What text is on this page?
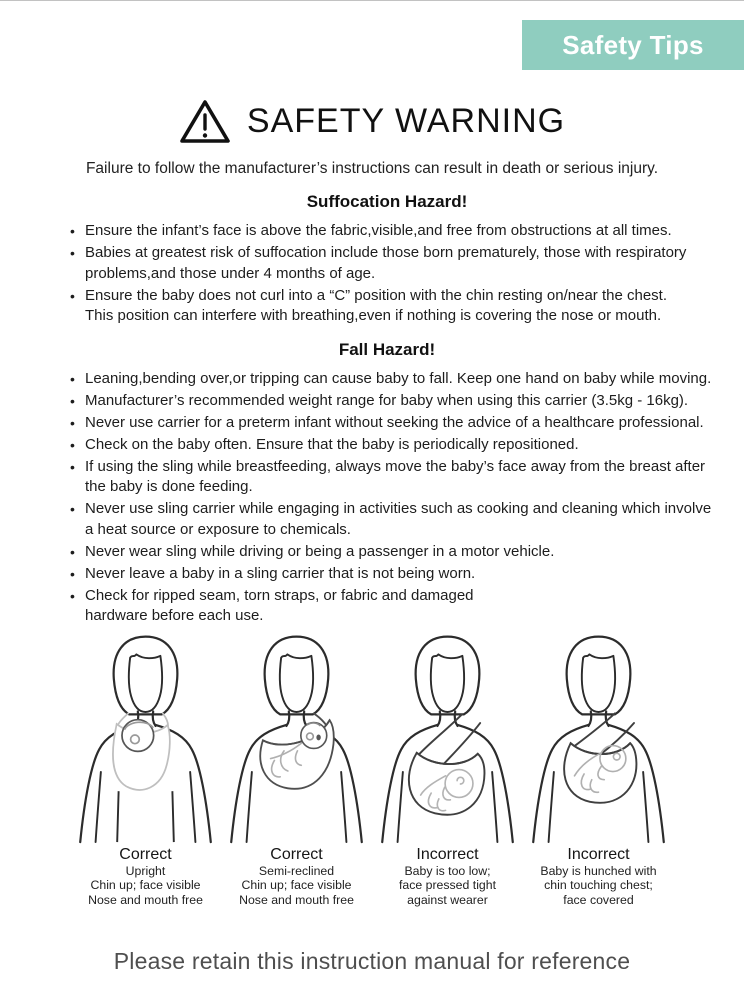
Safety Tips
SAFETY WARNING
Failure to follow the manufacturer’s instructions can result in death or serious injury.
Suffocation Hazard!
• Ensure the infant’s face is above the fabric,visible,and free from obstructions at all times.
• Babies at greatest risk of suffocation include those born prematurely, those with respiratory
problems,and those under 4 months of age.
• Ensure the baby does not curl into a “C” position with the chin resting on/near the chest.
This position can interfere with breathing,even if nothing is covering the nose or mouth.
Fall Hazard!
• Leaning,bending over,or tripping can cause baby to fall. Keep one hand on baby while moving.
• Manufacturer’s recommended weight range for baby when using this carrier (3.5kg - 16kg).
• Never use carrier for a preterm infant without seeking the advice of a healthcare professional.
• Check on the baby often. Ensure that the baby is periodically repositioned.
• If using the sling while breastfeeding, always move the baby’s face away from the breast after
the baby is done feeding.
• Never use sling carrier while engaging in activities such as cooking and cleaning which involve
a heat source or exposure to chemicals.
• Never wear sling while driving or being a passenger in a motor vehicle.
• Never leave a baby in a sling carrier that is not being worn.
• Check for ripped seam, torn straps, or fabric and damaged
hardware before each use.
Correct
Upright
Chin up; face visible
Nose and mouth free
Correct
Semi-reclined
Chin up; face visible
Nose and mouth free
Incorrect
Baby is too low;
face pressed tight
against wearer
Incorrect
Baby is hunched with
chin touching chest;
face covered
Please retain this instruction manual for reference
